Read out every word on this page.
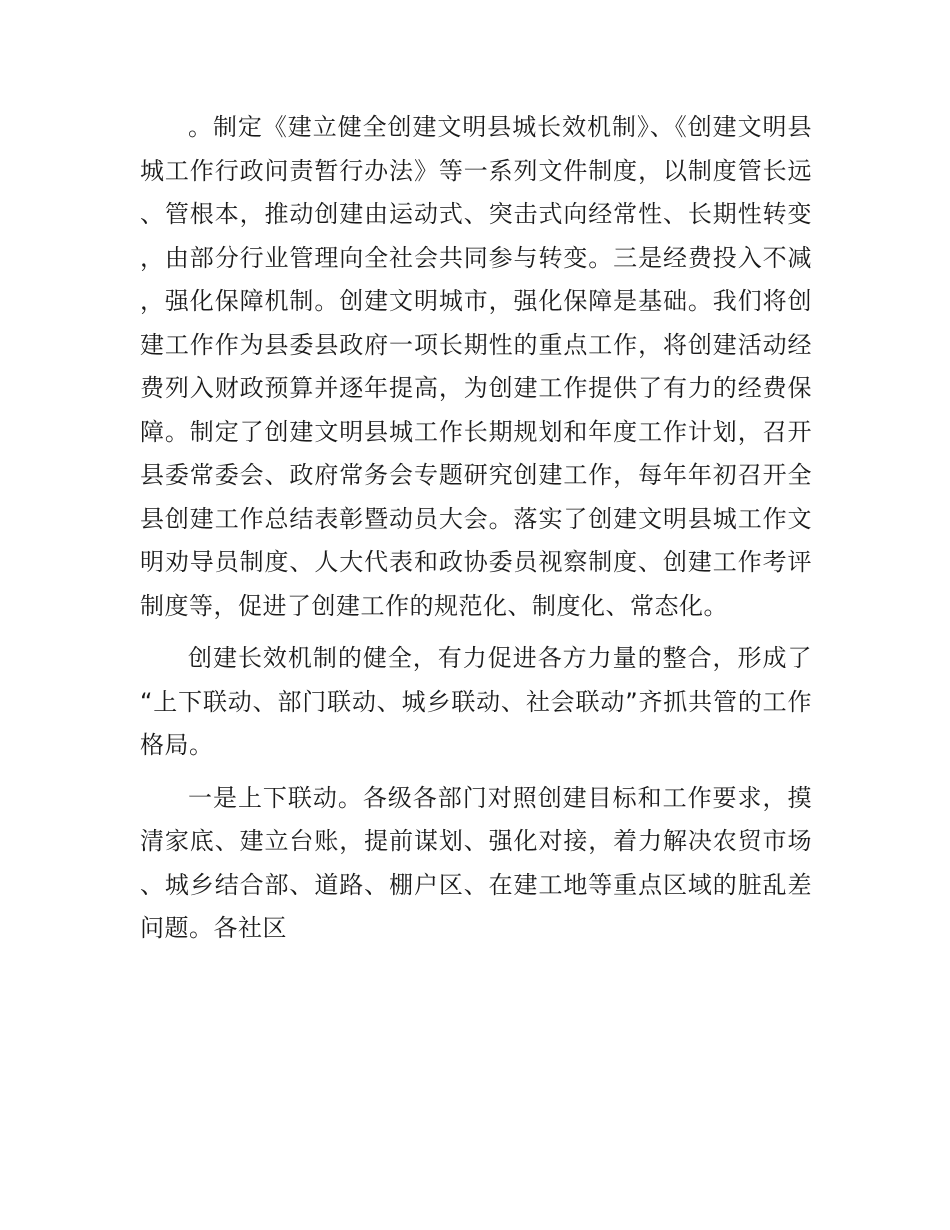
。制定《建立健全创建文明县城长效机制》、《创建文明县城工作行政问责暂行办法》等一系列文件制度，以制度管长远、管根本，推动创建由运动式、突击式向经常性、长期性转变，由部分行业管理向全社会共同参与转变。三是经费投入不减，强化保障机制。创建文明城市，强化保障是基础。我们将创建工作作为县委县政府一项长期性的重点工作，将创建活动经费列入财政预算并逐年提高，为创建工作提供了有力的经费保障。制定了创建文明县城工作长期规划和年度工作计划，召开县委常委会、政府常务会专题研究创建工作，每年年初召开全县创建工作总结表彰暨动员大会。落实了创建文明县城工作文明劝导员制度、人大代表和政协委员视察制度、创建工作考评制度等，促进了创建工作的规范化、制度化、常态化。

创建长效机制的健全，有力促进各方力量的整合，形成了“上下联动、部门联动、城乡联动、社会联动”齐抓共管的工作格局。

一是上下联动。各级各部门对照创建目标和工作要求，摸清家底、建立台账，提前谋划、强化对接，着力解决农贸市场、城乡结合部、道路、棚户区、在建工地等重点区域的脏乱差问题。各社区
